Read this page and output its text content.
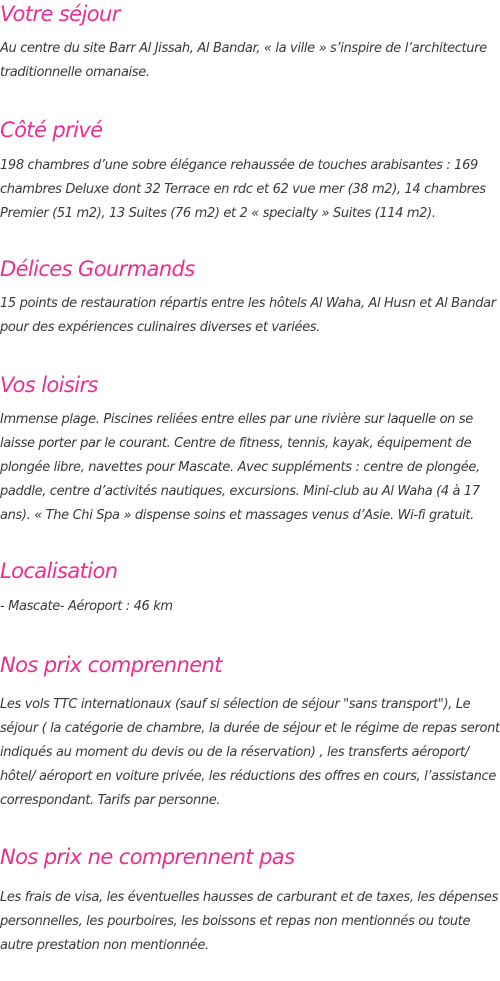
Votre séjour

Au centre du site Barr Al Jissah, Al Bandar, « la ville » s’inspire de l’architecture traditionnelle omanaise.

Côté privé

198 chambres d’une sobre élégance rehaussée de touches arabisantes : 169 chambres Deluxe dont 32 Terrace en rdc et 62 vue mer (38 m2), 14 chambres Premier (51 m2), 13 Suites (76 m2) et 2 « specialty » Suites (114 m2).

Délices Gourmands

15 points de restauration répartis entre les hôtels Al Waha, Al Husn et Al Bandar pour des expériences culinaires diverses et variées.

Vos loisirs

Immense plage. Piscines reliées entre elles par une rivière sur laquelle on se laisse porter par le courant. Centre de fitness, tennis, kayak, équipement de plongée libre, navettes pour Mascate. Avec suppléments : centre de plongée, paddle, centre d’activités nautiques, excursions. Mini-club au Al Waha (4 à 17 ans). « The Chi Spa » dispense soins et massages venus d’Asie. Wi-fi gratuit.

Localisation

- Mascate- Aéroport : 46 km

Nos prix comprennent

Les vols TTC internationaux (sauf si sélection de séjour "sans transport"), Le séjour ( la catégorie de chambre, la durée de séjour et le régime de repas seront indiqués au moment du devis ou de la réservation) , les transferts aéroport/ hôtel/ aéroport en voiture privée, les réductions des offres en cours, l’assistance correspondant. Tarifs par personne.

Nos prix ne comprennent pas

Les frais de visa, les éventuelles hausses de carburant et de taxes, les dépenses personnelles, les pourboires, les boissons et repas non mentionnés ou toute autre prestation non mentionnée.
